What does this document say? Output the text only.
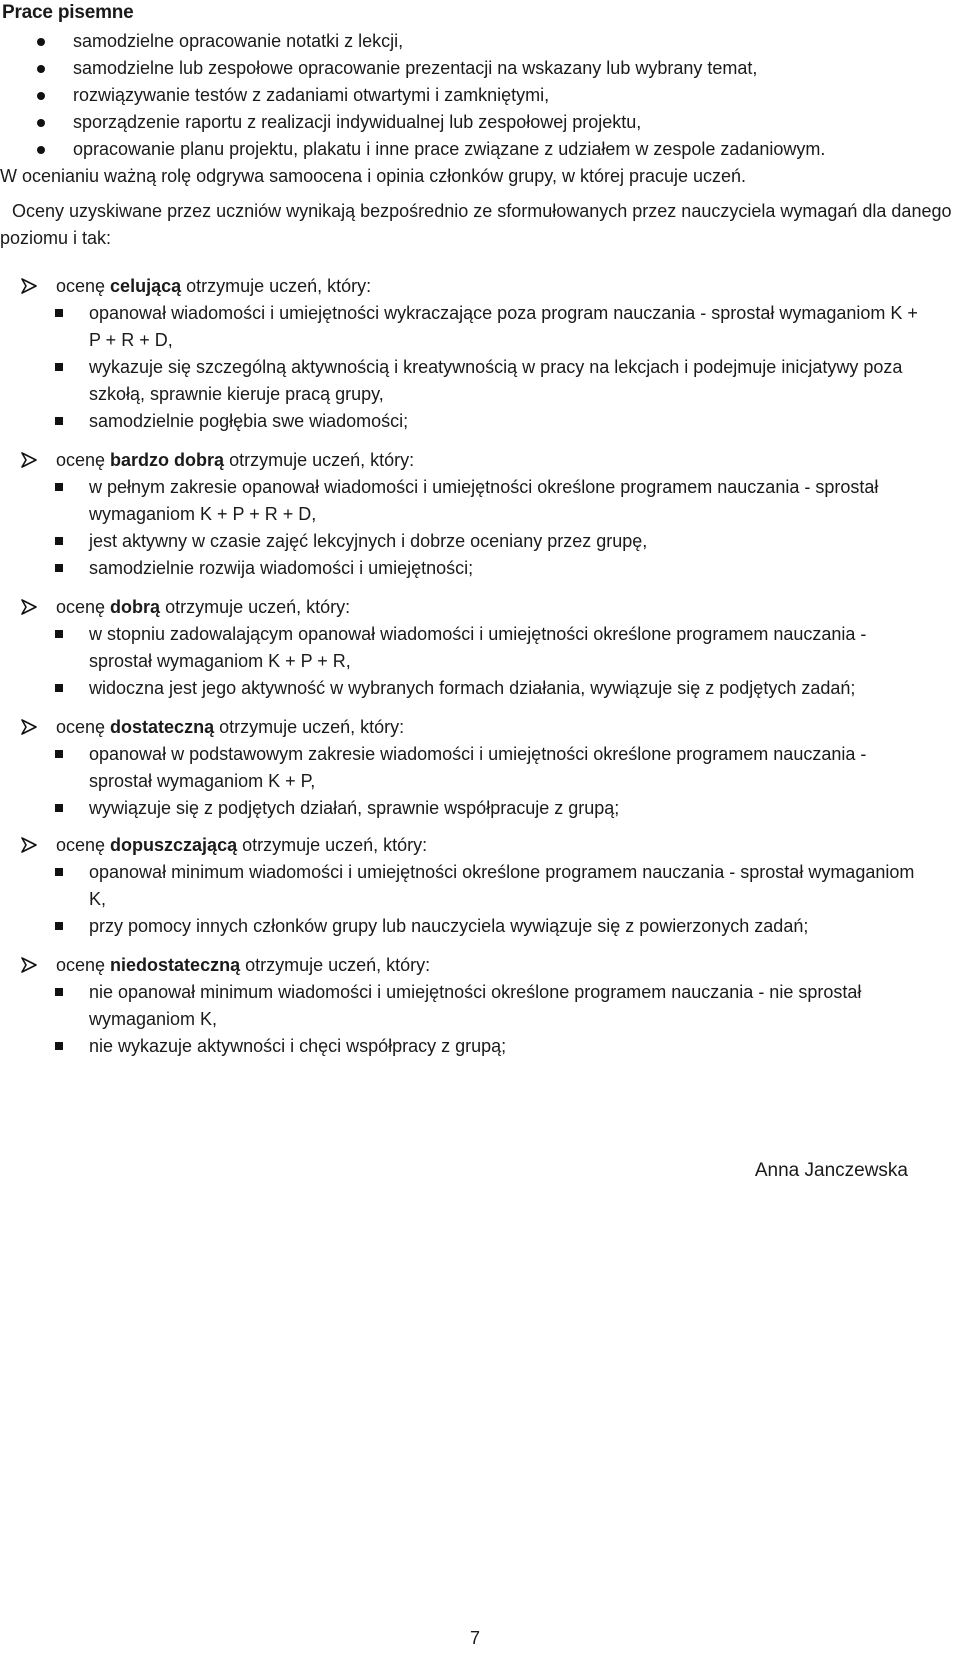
Prace pisemne
samodzielne opracowanie notatki z lekcji,
samodzielne lub zespołowe opracowanie prezentacji na wskazany lub wybrany temat,
rozwiązywanie testów z zadaniami otwartymi i zamkniętymi,
sporządzenie raportu z realizacji indywidualnej lub zespołowej projektu,
opracowanie planu projektu, plakatu i inne prace związane z udziałem w zespole zadaniowym.
W ocenianiu ważną rolę odgrywa samoocena i opinia członków grupy, w której pracuje uczeń.
Oceny uzyskiwane przez uczniów wynikają bezpośrednio ze sformułowanych przez nauczyciela wymagań dla danego poziomu i tak:
ocenę celującą otrzymuje uczeń, który:
opanował wiadomości i umiejętności wykraczające poza program nauczania - sprostał wymaganiom K + P + R + D,
wykazuje się szczególną aktywnością i kreatywnością w pracy na lekcjach i podejmuje inicjatywy poza szkołą, sprawnie kieruje pracą grupy,
samodzielnie pogłębia swe wiadomości;
ocenę bardzo dobrą otrzymuje uczeń, który:
w pełnym zakresie opanował wiadomości i umiejętności określone programem nauczania - sprostał wymaganiom K + P + R + D,
jest aktywny w czasie zajęć lekcyjnych i dobrze oceniany przez grupę,
samodzielnie rozwija wiadomości i umiejętności;
ocenę dobrą otrzymuje uczeń, który:
w stopniu zadowalającym opanował wiadomości i umiejętności określone programem nauczania - sprostał wymaganiom K + P + R,
widoczna jest jego aktywność w wybranych formach działania, wywiązuje się z podjętych zadań;
ocenę dostateczną otrzymuje uczeń, który:
opanował w podstawowym zakresie wiadomości i umiejętności określone programem nauczania - sprostał wymaganiom K + P,
wywiązuje się z podjętych działań, sprawnie współpracuje z grupą;
ocenę dopuszczającą otrzymuje uczeń, który:
opanował minimum wiadomości i umiejętności określone programem nauczania - sprostał wymaganiom K,
przy pomocy innych członków grupy lub nauczyciela wywiązuje się z powierzonych zadań;
ocenę niedostateczną otrzymuje uczeń, który:
nie opanował minimum wiadomości i umiejętności określone programem nauczania - nie sprostał wymaganiom K,
nie wykazuje aktywności i chęci współpracy z grupą;
Anna Janczewska
7
